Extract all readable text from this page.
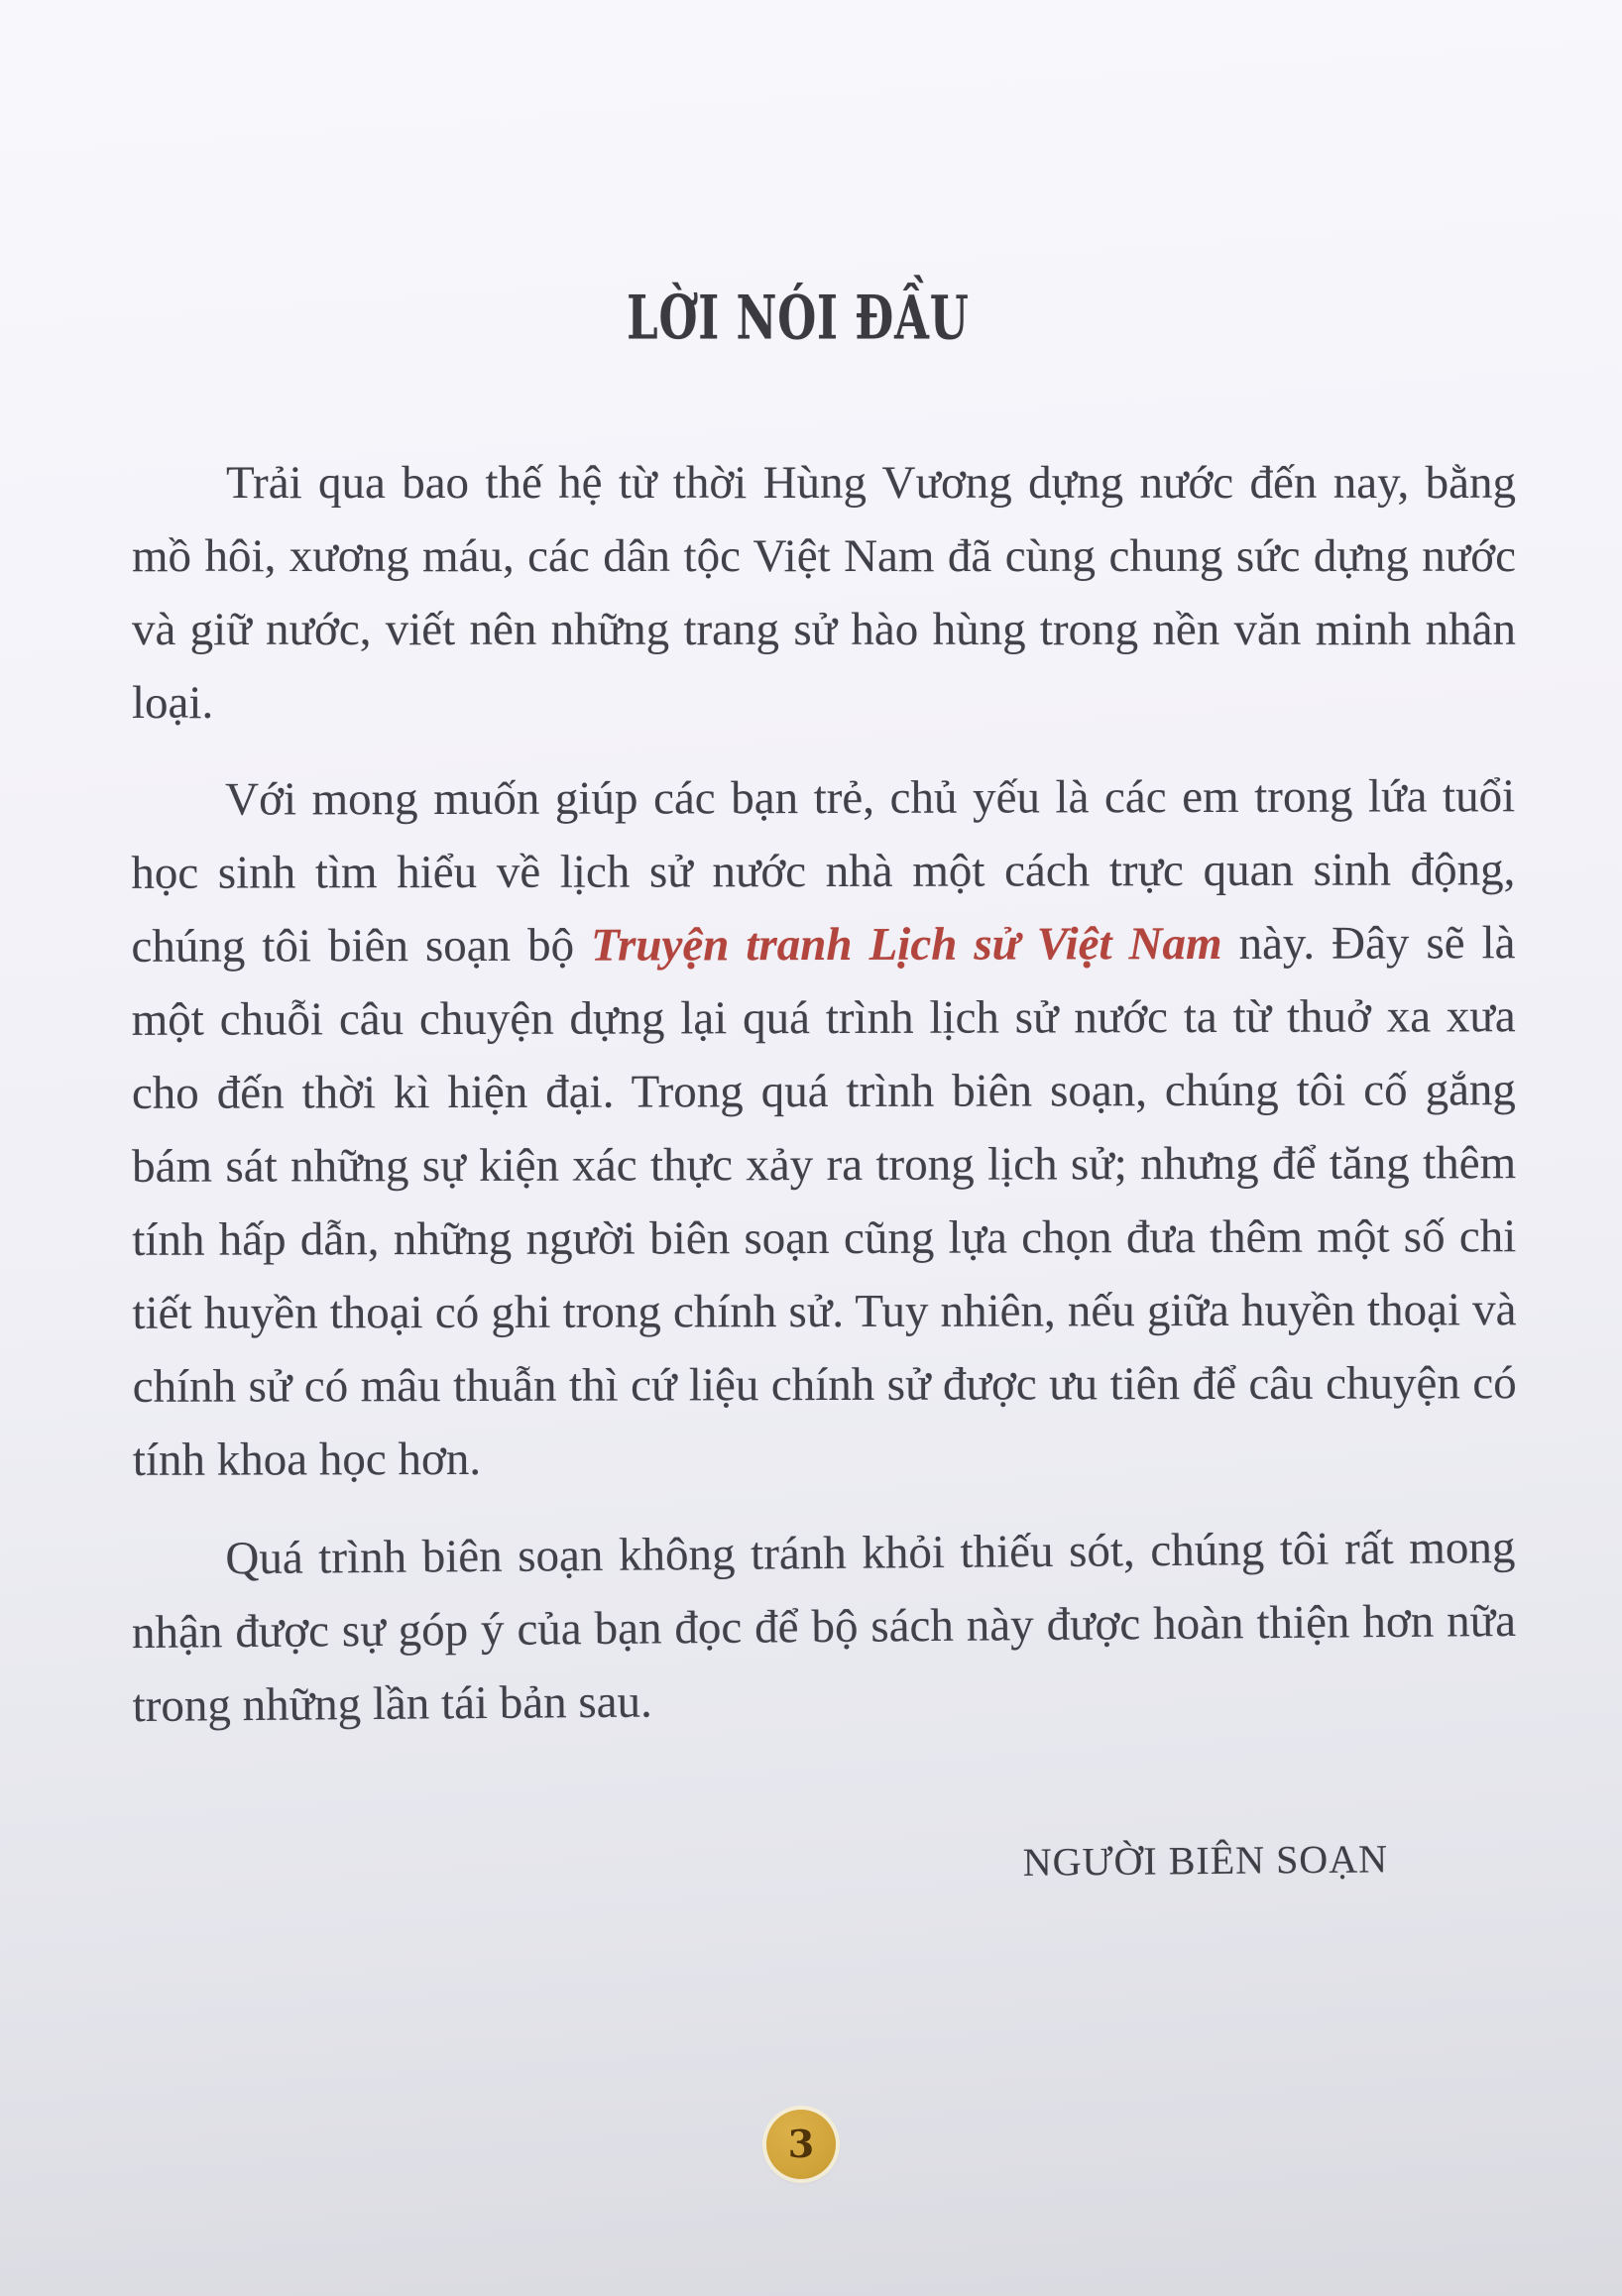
LỜI NÓI ĐẦU
Trải qua bao thế hệ từ thời Hùng Vương dựng nước đến nay, bằng mồ hôi, xương máu, các dân tộc Việt Nam đã cùng chung sức dựng nước và giữ nước, viết nên những trang sử hào hùng trong nền văn minh nhân loại.
Với mong muốn giúp các bạn trẻ, chủ yếu là các em trong lứa tuổi học sinh tìm hiểu về lịch sử nước nhà một cách trực quan sinh động, chúng tôi biên soạn bộ Truyện tranh Lịch sử Việt Nam này. Đây sẽ là một chuỗi câu chuyện dựng lại quá trình lịch sử nước ta từ thuở xa xưa cho đến thời kì hiện đại. Trong quá trình biên soạn, chúng tôi cố gắng bám sát những sự kiện xác thực xảy ra trong lịch sử; nhưng để tăng thêm tính hấp dẫn, những người biên soạn cũng lựa chọn đưa thêm một số chi tiết huyền thoại có ghi trong chính sử. Tuy nhiên, nếu giữa huyền thoại và chính sử có mâu thuẫn thì cứ liệu chính sử được ưu tiên để câu chuyện có tính khoa học hơn.
Quá trình biên soạn không tránh khỏi thiếu sót, chúng tôi rất mong nhận được sự góp ý của bạn đọc để bộ sách này được hoàn thiện hơn nữa trong những lần tái bản sau.
NGƯỜI BIÊN SOẠN
3
